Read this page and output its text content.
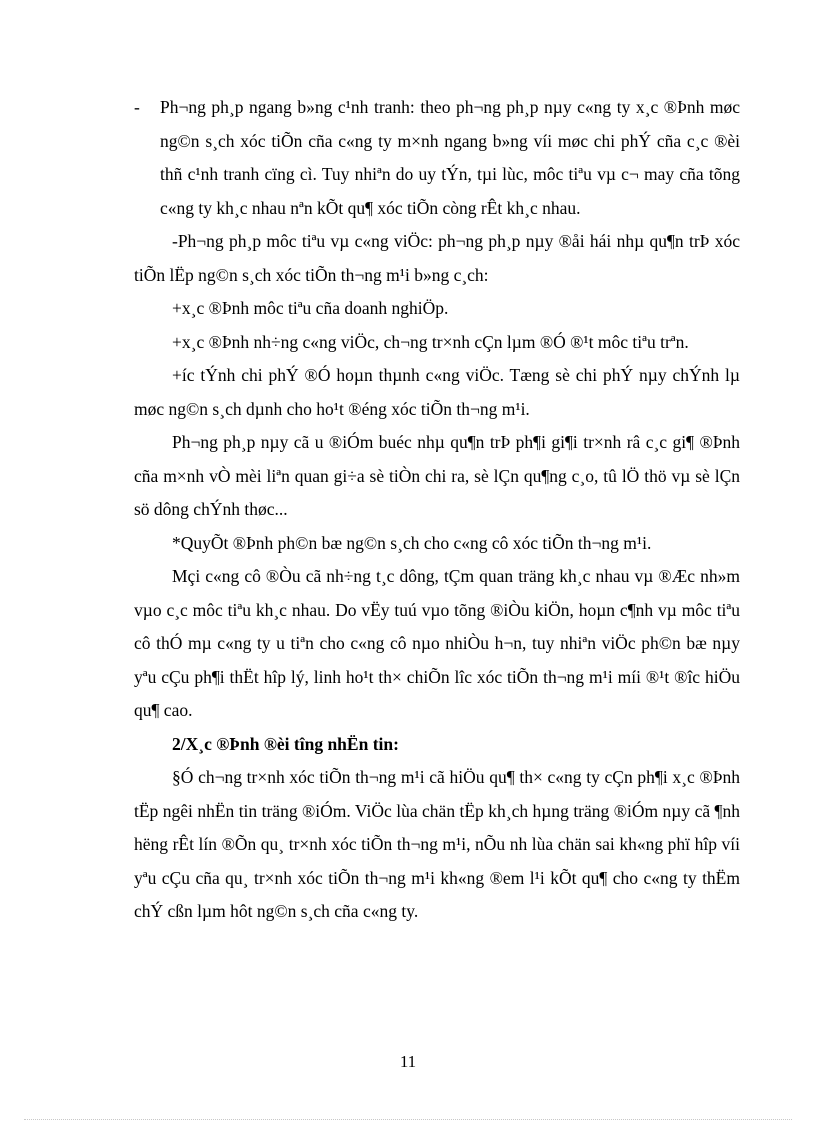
- Ph¬ng ph¸p ngang b»ng c¹nh tranh: theo ph¬ng ph¸p nµy c«ng ty x¸c ®Þnh møc ng©n s¸ch xóc tiÕn cña c«ng ty m×nh ngang b»ng víi møc chi phÝ cña c¸c ®èi thñ c¹nh tranh cïng cì. Tuy nhiªn do uy tÝn, tµi lùc, môc tiªu vµ c¬ may cña tõng c«ng ty kh¸c nhau nªn kÕt qu¶ xóc tiÕn còng rÊt kh¸c nhau.

-Ph¬ng ph¸p môc tiªu vµ c«ng viÖc: ph¬ng ph¸p nµy ®åi hái nhµ qu¶n trÞ xóc tiÕn lËp ng©n s¸ch xóc tiÕn th¬ng m¹i b»ng c¸ch:

+x¸c ®Þnh môc tiªu cña doanh nghiÖp.

+x¸c ®Þnh nh÷ng c«ng viÖc, ch¬ng tr×nh cÇn lµm ®Ó ®¹t môc tiªu trªn.

+íc tÝnh chi phÝ ®Ó hoµn thµnh c«ng viÖc. Tæng sè chi phÝ nµy chÝnh lµ møc ng©n s¸ch dµnh cho ho¹t ®éng xóc tiÕn th¬ng m¹i.

Ph¬ng ph¸p nµy cã u ®iÓm buéc nhµ qu¶n trÞ ph¶i gi¶i tr×nh râ c¸c gi¶ ®Þnh cña m×nh vÒ mèi liªn quan gi÷a sè tiÒn chi ra, sè lÇn qu¶ng c¸o, tû lÖ thö vµ sè lÇn sö dông chÝnh thøc...

*QuyÕt ®Þnh ph©n bæ ng©n s¸ch cho c«ng cô xóc tiÕn th¬ng m¹i.

Mçi c«ng cô ®Òu cã nh÷ng t¸c dông, tÇm quan träng kh¸c nhau vµ ®Æc nh»m vµo c¸c môc tiªu kh¸c nhau. Do vËy tuú vµo tõng ®iÒu kiÖn, hoµn c¶nh vµ môc tiªu cô thÓ mµ c«ng ty u tiªn cho c«ng cô nµo nhiÒu h¬n, tuy nhiªn viÖc ph©n bæ nµy yªu cÇu ph¶i thËt hîp lý, linh ho¹t th× chiÕn lîc xóc tiÕn th¬ng m¹i míi ®¹t ®îc hiÖu qu¶ cao.

2/X¸c ®Þnh ®èi tîng nhËn tin:

§Ó ch¬ng tr×nh xóc tiÕn th¬ng m¹i cã hiÖu qu¶ th× c«ng ty cÇn ph¶i x¸c ®Þnh tËp ngêi nhËn tin träng ®iÓm. ViÖc lùa chän tËp kh¸ch hµng träng ®iÓm nµy cã ¶nh hëng rÊt lín ®Õn qu¸ tr×nh xóc tiÕn th¬ng m¹i, nÕu nh lùa chän sai kh«ng phï hîp víi yªu cÇu cña qu¸ tr×nh xóc tiÕn th¬ng m¹i kh«ng ®em l¹i kÕt qu¶ cho c«ng ty thËm chÝ cßn lµm hôt ng©n s¸ch cña c«ng ty.

11
